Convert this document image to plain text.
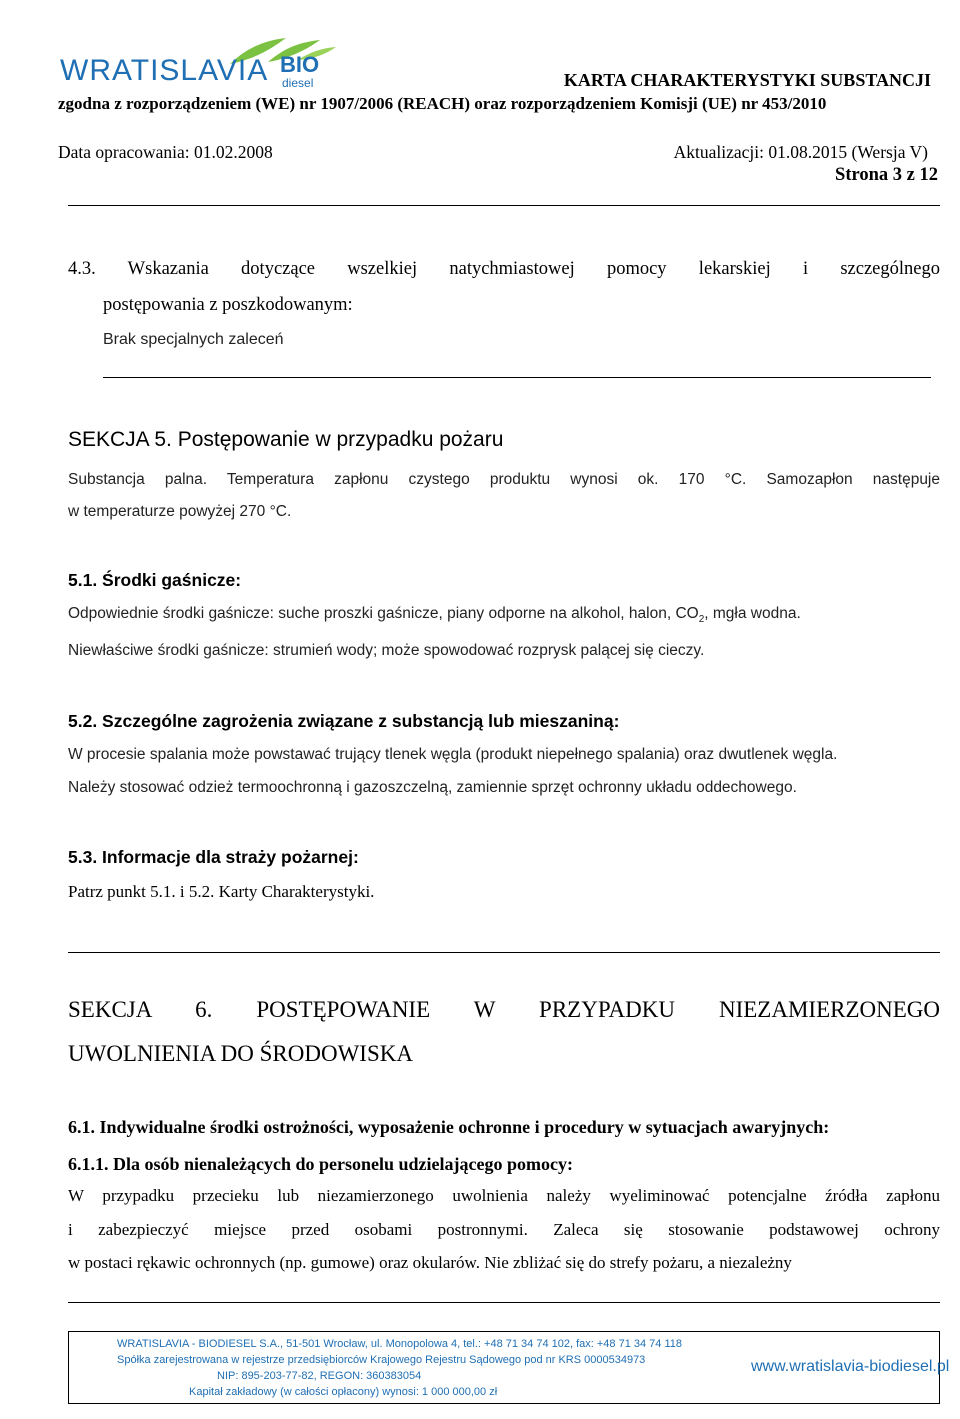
WRATISLAVIA BIO
diesel	KARTA CHARAKTERYSTYKI SUBSTANCJI
zgodna z rozporządzeniem (WE) nr 1907/2006 (REACH) oraz rozporządzeniem Komisji (UE) nr 453/2010
Data opracowania: 01.02.2008	Aktualizacji: 01.08.2015 (Wersja V)
Strona 3 z 12
4.3. Wskazania dotyczące wszelkiej natychmiastowej pomocy lekarskiej i szczególnego
postępowania z poszkodowanym:
Brak specjalnych zaleceń
SEKCJA 5. Postępowanie w przypadku pożaru
Substancja palna. Temperatura zapłonu czystego produktu wynosi ok. 170 °C. Samozapłon następuje
w temperaturze powyżej 270 °C.
5.1. Środki gaśnicze:
Odpowiednie środki gaśnicze: suche proszki gaśnicze, piany odporne na alkohol, halon, $CO_2$, mgła wodna.
Niewłaściwe środki gaśnicze: strumień wody; może spowodować rozprysk palącej się cieczy.
5.2. Szczególne zagrożenia związane z substancją lub mieszaniną:
W procesie spalania może powstawać trujący tlenek węgla (produkt niepełnego spalania) oraz dwutlenek węgla.
Należy stosować odzież termoochronną i gazoszczelną, zamiennie sprzęt ochronny układu oddechowego.
5.3. Informacje dla straży pożarnej:
Patrz punkt 5.1. i 5.2. Karty Charakterystyki.
SEKCJA 6. POSTĘPOWANIE W PRZYPADKU NIEZAMIERZONEGO
UWOLNIENIA DO ŚRODOWISKA
6.1. Indywidualne środki ostrożności, wyposażenie ochronne i procedury w sytuacjach awaryjnych:
6.1.1. Dla osób nienależących do personelu udzielającego pomocy:
W przypadku przecieku lub niezamierzonego uwolnienia należy wyeliminować potencjalne źródła zapłonu
i zabezpieczyć miejsce przed osobami postronnymi. Zaleca się stosowanie podstawowej ochrony
w postaci rękawic ochronnych (np. gumowe) oraz okularów. Nie zbliżać się do strefy pożaru, a niezależny
WRATISLAVIA - BIODIESEL S.A., 51-501 Wrocław, ul. Monopolowa 4, tel.: +48 71 34 74 102, fax: +48 71 34 74 118
Spółka zarejestrowana w rejestrze przedsiębiorców Krajowego Rejestru Sądowego pod nr KRS 0000534973
NIP: 895-203-77-82, REGON: 360383054
Kapitał zakładowy (w całości opłacony) wynosi: 1 000 000,00 zł
www.wratislavia-biodiesel.pl
